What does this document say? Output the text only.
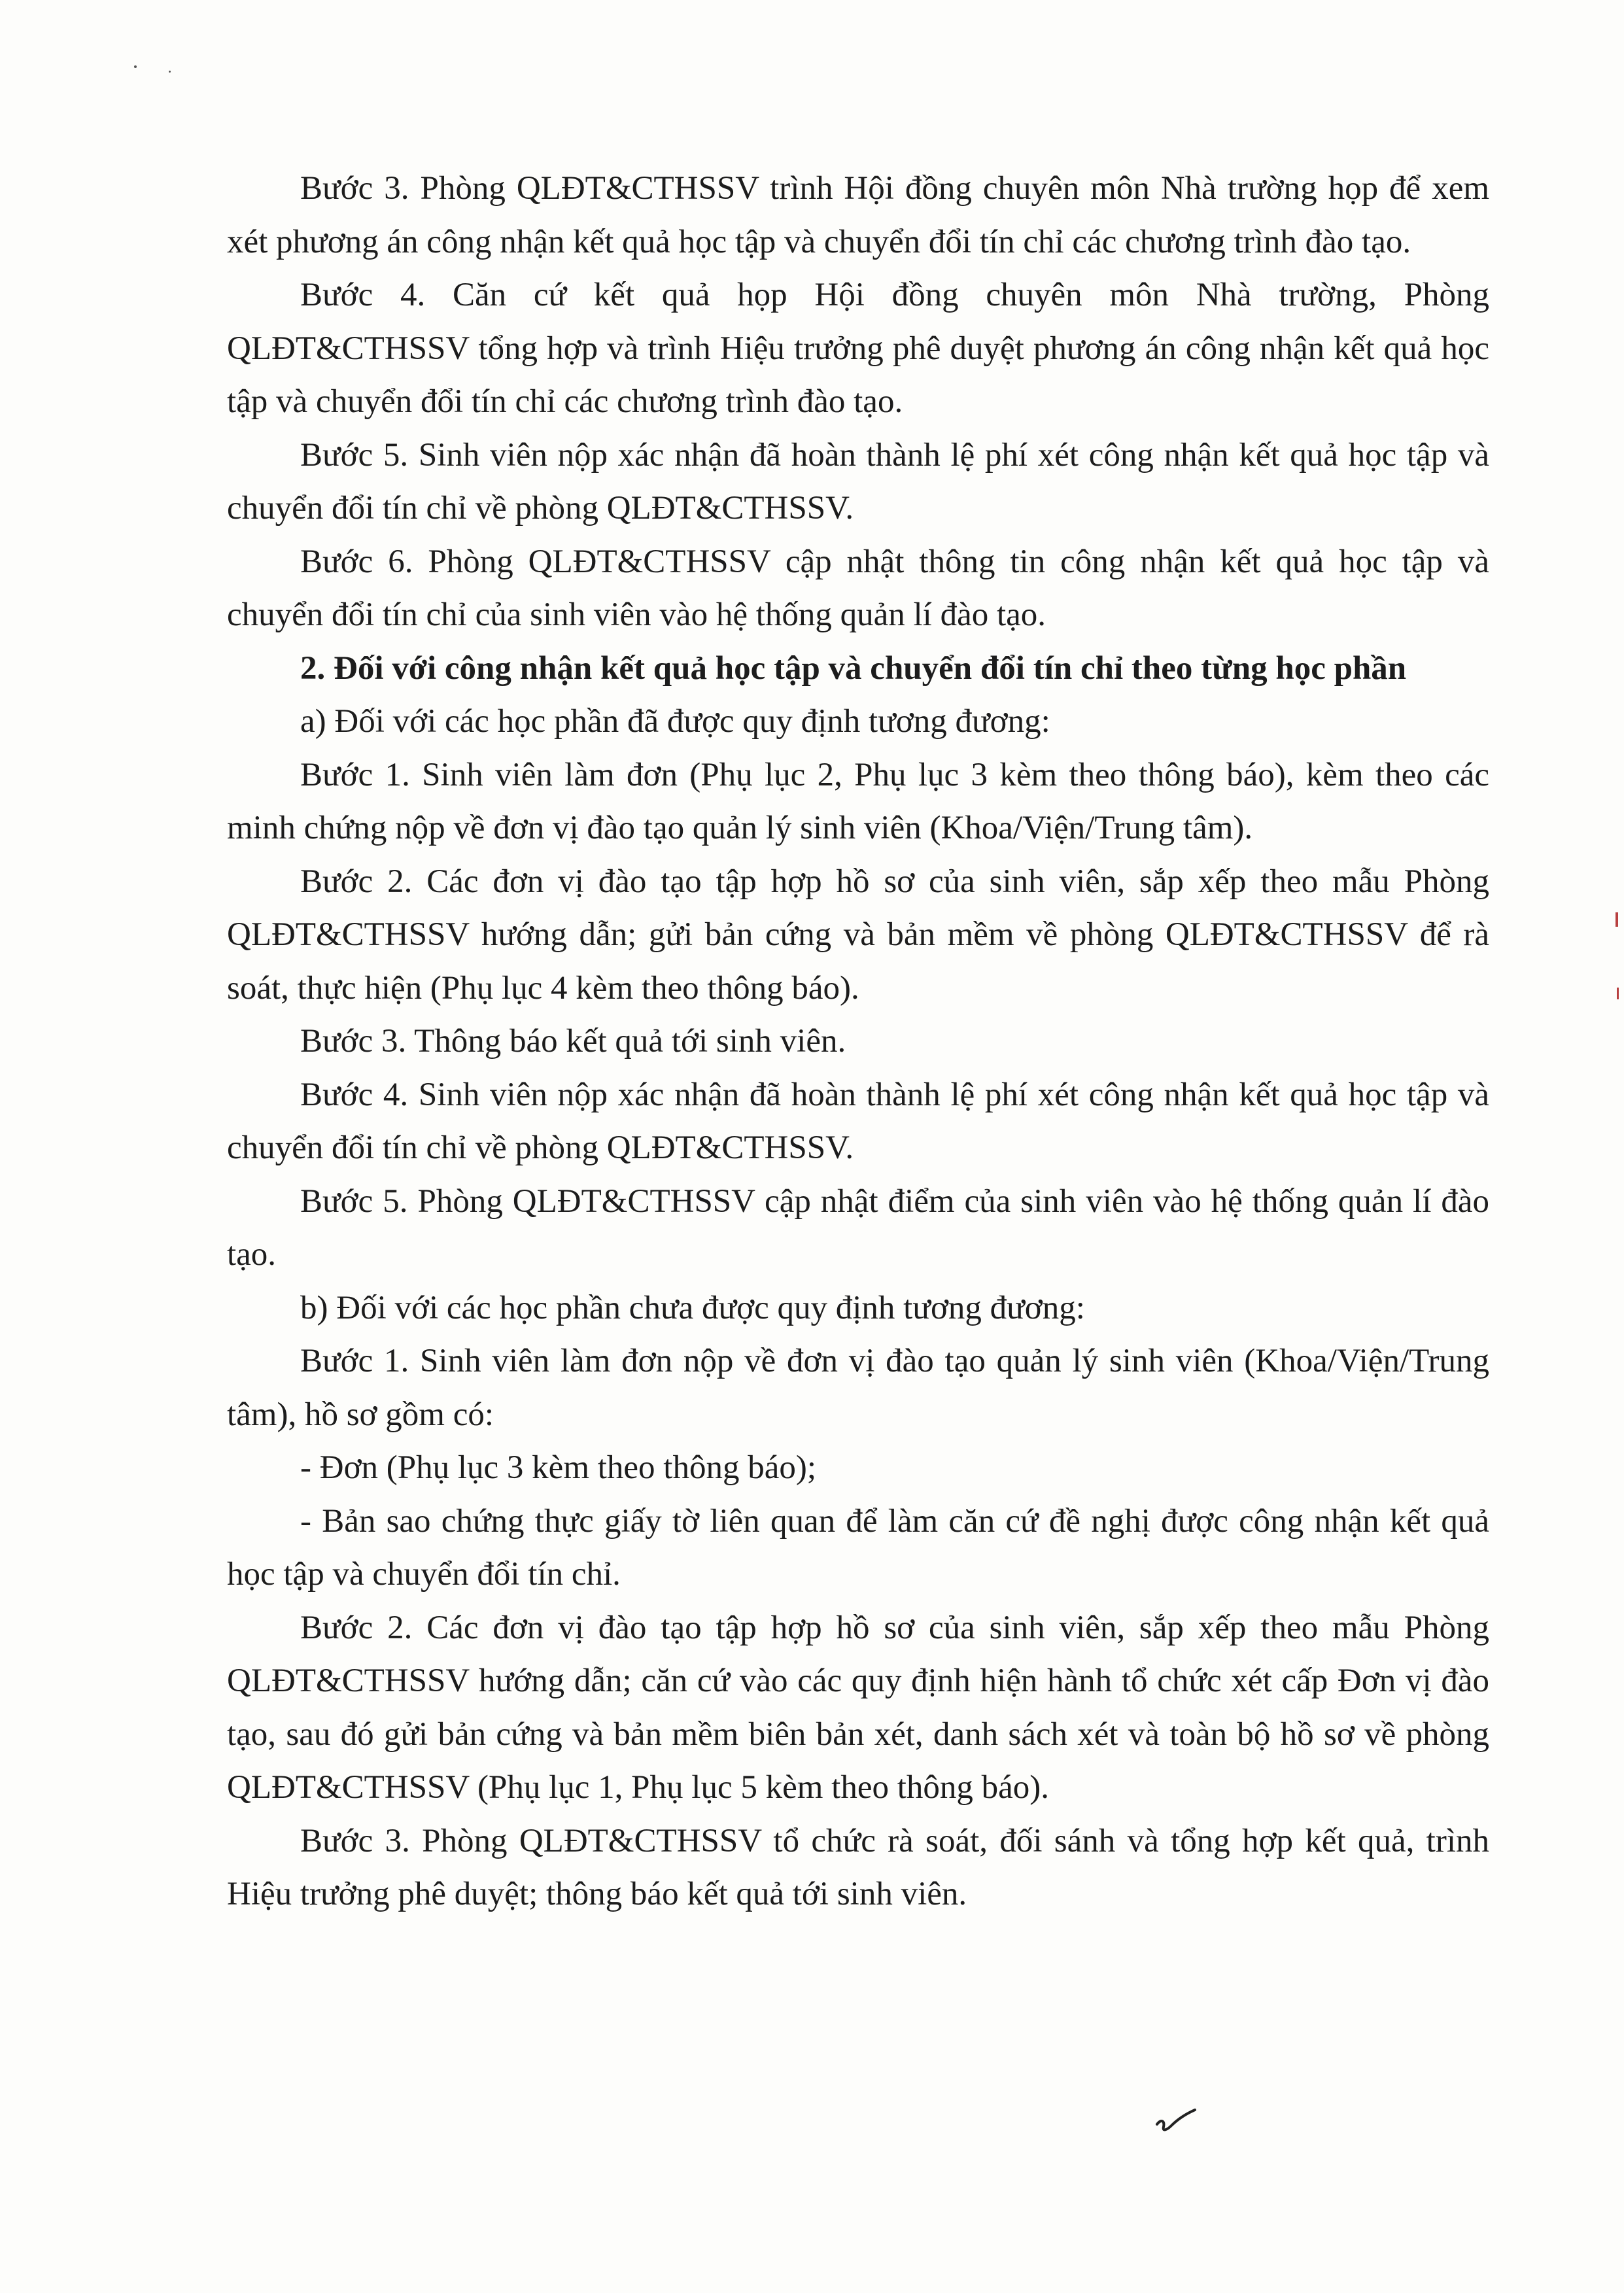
Bước 3. Phòng QLĐT&CTHSSV trình Hội đồng chuyên môn Nhà trường họp để xem xét phương án công nhận kết quả học tập và chuyển đổi tín chỉ các chương trình đào tạo.

Bước 4. Căn cứ kết quả họp Hội đồng chuyên môn Nhà trường, Phòng QLĐT&CTHSSV tổng hợp và trình Hiệu trưởng phê duyệt phương án công nhận kết quả học tập và chuyển đổi tín chỉ các chương trình đào tạo.

Bước 5. Sinh viên nộp xác nhận đã hoàn thành lệ phí xét công nhận kết quả học tập và chuyển đổi tín chỉ về phòng QLĐT&CTHSSV.

Bước 6. Phòng QLĐT&CTHSSV cập nhật thông tin công nhận kết quả học tập và chuyển đổi tín chỉ của sinh viên vào hệ thống quản lí đào tạo.

2. Đối với công nhận kết quả học tập và chuyển đổi tín chỉ theo từng học phần

a) Đối với các học phần đã được quy định tương đương:

Bước 1. Sinh viên làm đơn (Phụ lục 2, Phụ lục 3 kèm theo thông báo), kèm theo các minh chứng nộp về đơn vị đào tạo quản lý sinh viên (Khoa/Viện/Trung tâm).

Bước 2. Các đơn vị đào tạo tập hợp hồ sơ của sinh viên, sắp xếp theo mẫu Phòng QLĐT&CTHSSV hướng dẫn; gửi bản cứng và bản mềm về phòng QLĐT&CTHSSV để rà soát, thực hiện (Phụ lục 4 kèm theo thông báo).

Bước 3. Thông báo kết quả tới sinh viên.

Bước 4. Sinh viên nộp xác nhận đã hoàn thành lệ phí xét công nhận kết quả học tập và chuyển đổi tín chỉ về phòng QLĐT&CTHSSV.

Bước 5. Phòng QLĐT&CTHSSV cập nhật điểm của sinh viên vào hệ thống quản lí đào tạo.

b) Đối với các học phần chưa được quy định tương đương:

Bước 1. Sinh viên làm đơn nộp về đơn vị đào tạo quản lý sinh viên (Khoa/Viện/Trung tâm), hồ sơ gồm có:

- Đơn (Phụ lục 3 kèm theo thông báo);

- Bản sao chứng thực giấy tờ liên quan để làm căn cứ đề nghị được công nhận kết quả học tập và chuyển đổi tín chỉ.

Bước 2. Các đơn vị đào tạo tập hợp hồ sơ của sinh viên, sắp xếp theo mẫu Phòng QLĐT&CTHSSV hướng dẫn; căn cứ vào các quy định hiện hành tổ chức xét cấp Đơn vị đào tạo, sau đó gửi bản cứng và bản mềm biên bản xét, danh sách xét và toàn bộ hồ sơ về phòng QLĐT&CTHSSV (Phụ lục 1, Phụ lục 5 kèm theo thông báo).

Bước 3. Phòng QLĐT&CTHSSV tổ chức rà soát, đối sánh và tổng hợp kết quả, trình Hiệu trưởng phê duyệt; thông báo kết quả tới sinh viên.
